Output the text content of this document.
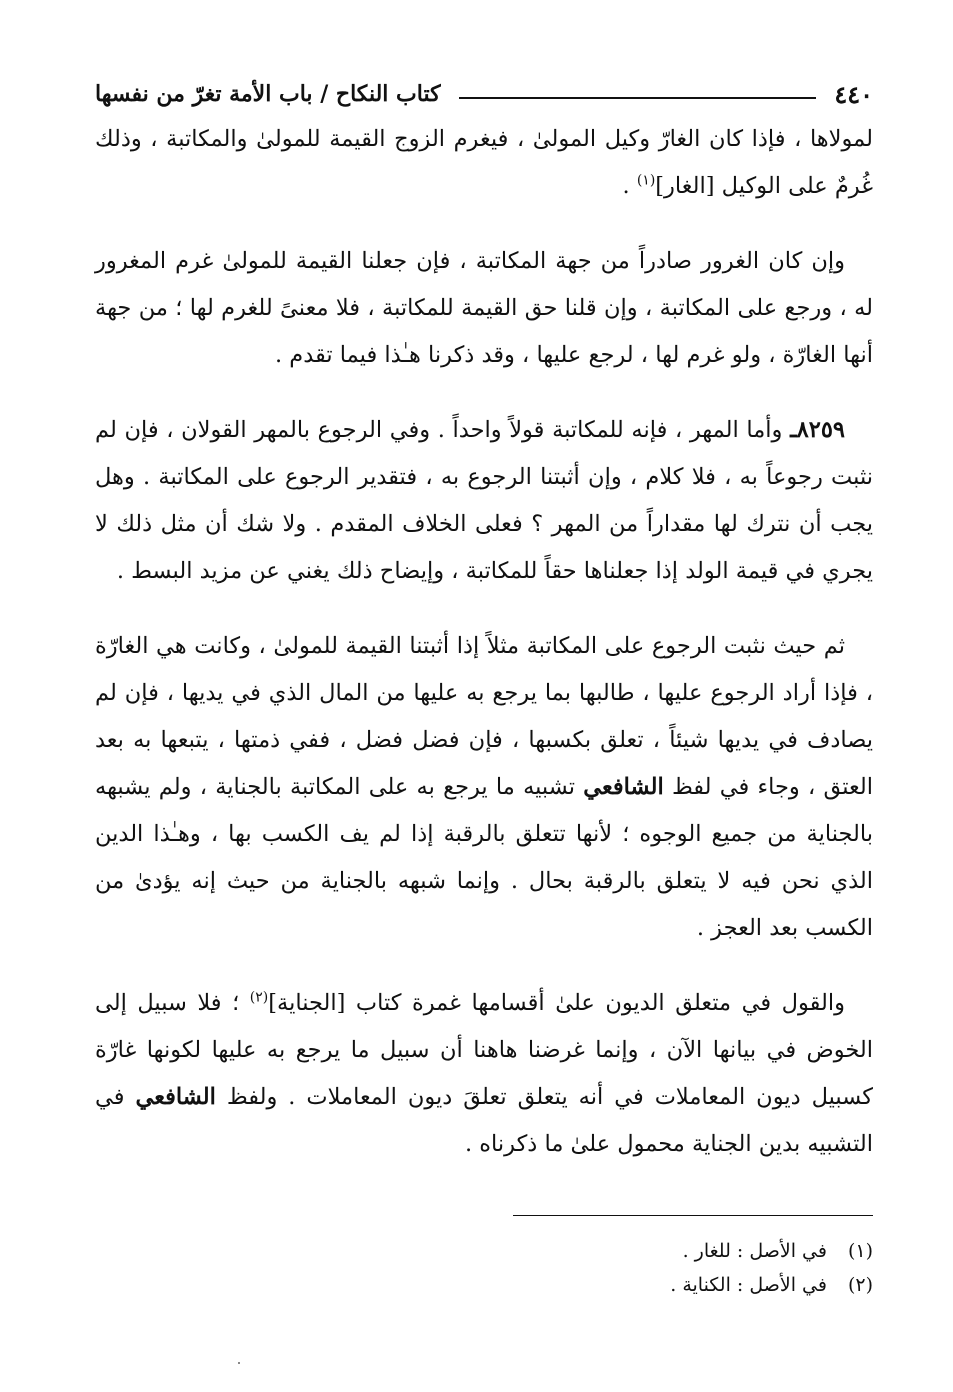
٤٤٠
كتاب النكاح / باب الأمة تغرّ من نفسها

لمولاها ، فإذا كان الغارّ وكيل المولىٰ ، فيغرم الزوج القيمة للمولىٰ والمكاتبة ، وذلك غُرمٌ على الوكيل [الغار]$^{(١)}$ .

وإن كان الغرور صادراً من جهة المكاتبة ، فإن جعلنا القيمة للمولىٰ غرم المغرور له ، ورجع على المكاتبة ، وإن قلنا حق القيمة للمكاتبة ، فلا معنىً للغرم لها ؛ من جهة أنها الغارّة ، ولو غرم لها ، لرجع عليها ، وقد ذكرنا هـٰذا فيما تقدم .

٨٢٥٩ـ وأما المهر ، فإنه للمكاتبة قولاً واحداً . وفي الرجوع بالمهر القولان ، فإن لم نثبت رجوعاً به ، فلا كلام ، وإن أثبتنا الرجوع به ، فتقدير الرجوع على المكاتبة . وهل يجب أن نترك لها مقداراً من المهر ؟ فعلى الخلاف المقدم . ولا شك أن مثل ذلك لا يجري في قيمة الولد إذا جعلناها حقاً للمكاتبة ، وإيضاح ذلك يغني عن مزيد البسط .

ثم حيث نثبت الرجوع على المكاتبة مثلاً إذا أثبتنا القيمة للمولىٰ ، وكانت هي الغارّة ، فإذا أراد الرجوع عليها ، طالبها بما يرجع به عليها من المال الذي في يديها ، فإن لم يصادف في يديها شيئاً ، تعلق بكسبها ، فإن فضل فضل ، ففي ذمتها ، يتبعها به بعد العتق ، وجاء في لفظ الشافعي تشبيه ما يرجع به على المكاتبة بالجناية ، ولم يشبهه بالجناية من جميع الوجوه ؛ لأنها تتعلق بالرقبة إذا لم يف الكسب بها ، وهـٰذا الدين الذي نحن فيه لا يتعلق بالرقبة بحال . وإنما شبهه بالجناية من حيث إنه يؤدىٰ من الكسب بعد العجز .

والقول في متعلق الديون علىٰ أقسامها غمرة كتاب [الجناية]$^{(٢)}$ ؛ فلا سبيل إلى الخوض في بيانها الآن ، وإنما غرضنا هاهنا أن سبيل ما يرجع به عليها لكونها غارّة كسبيل ديون المعاملات في أنه يتعلق تعلقَ ديون المعاملات . ولفظ الشافعي في التشبيه بدين الجناية محمول علىٰ ما ذكرناه .

(١) في الأصل : للغار .
(٢) في الأصل : الكناية .
